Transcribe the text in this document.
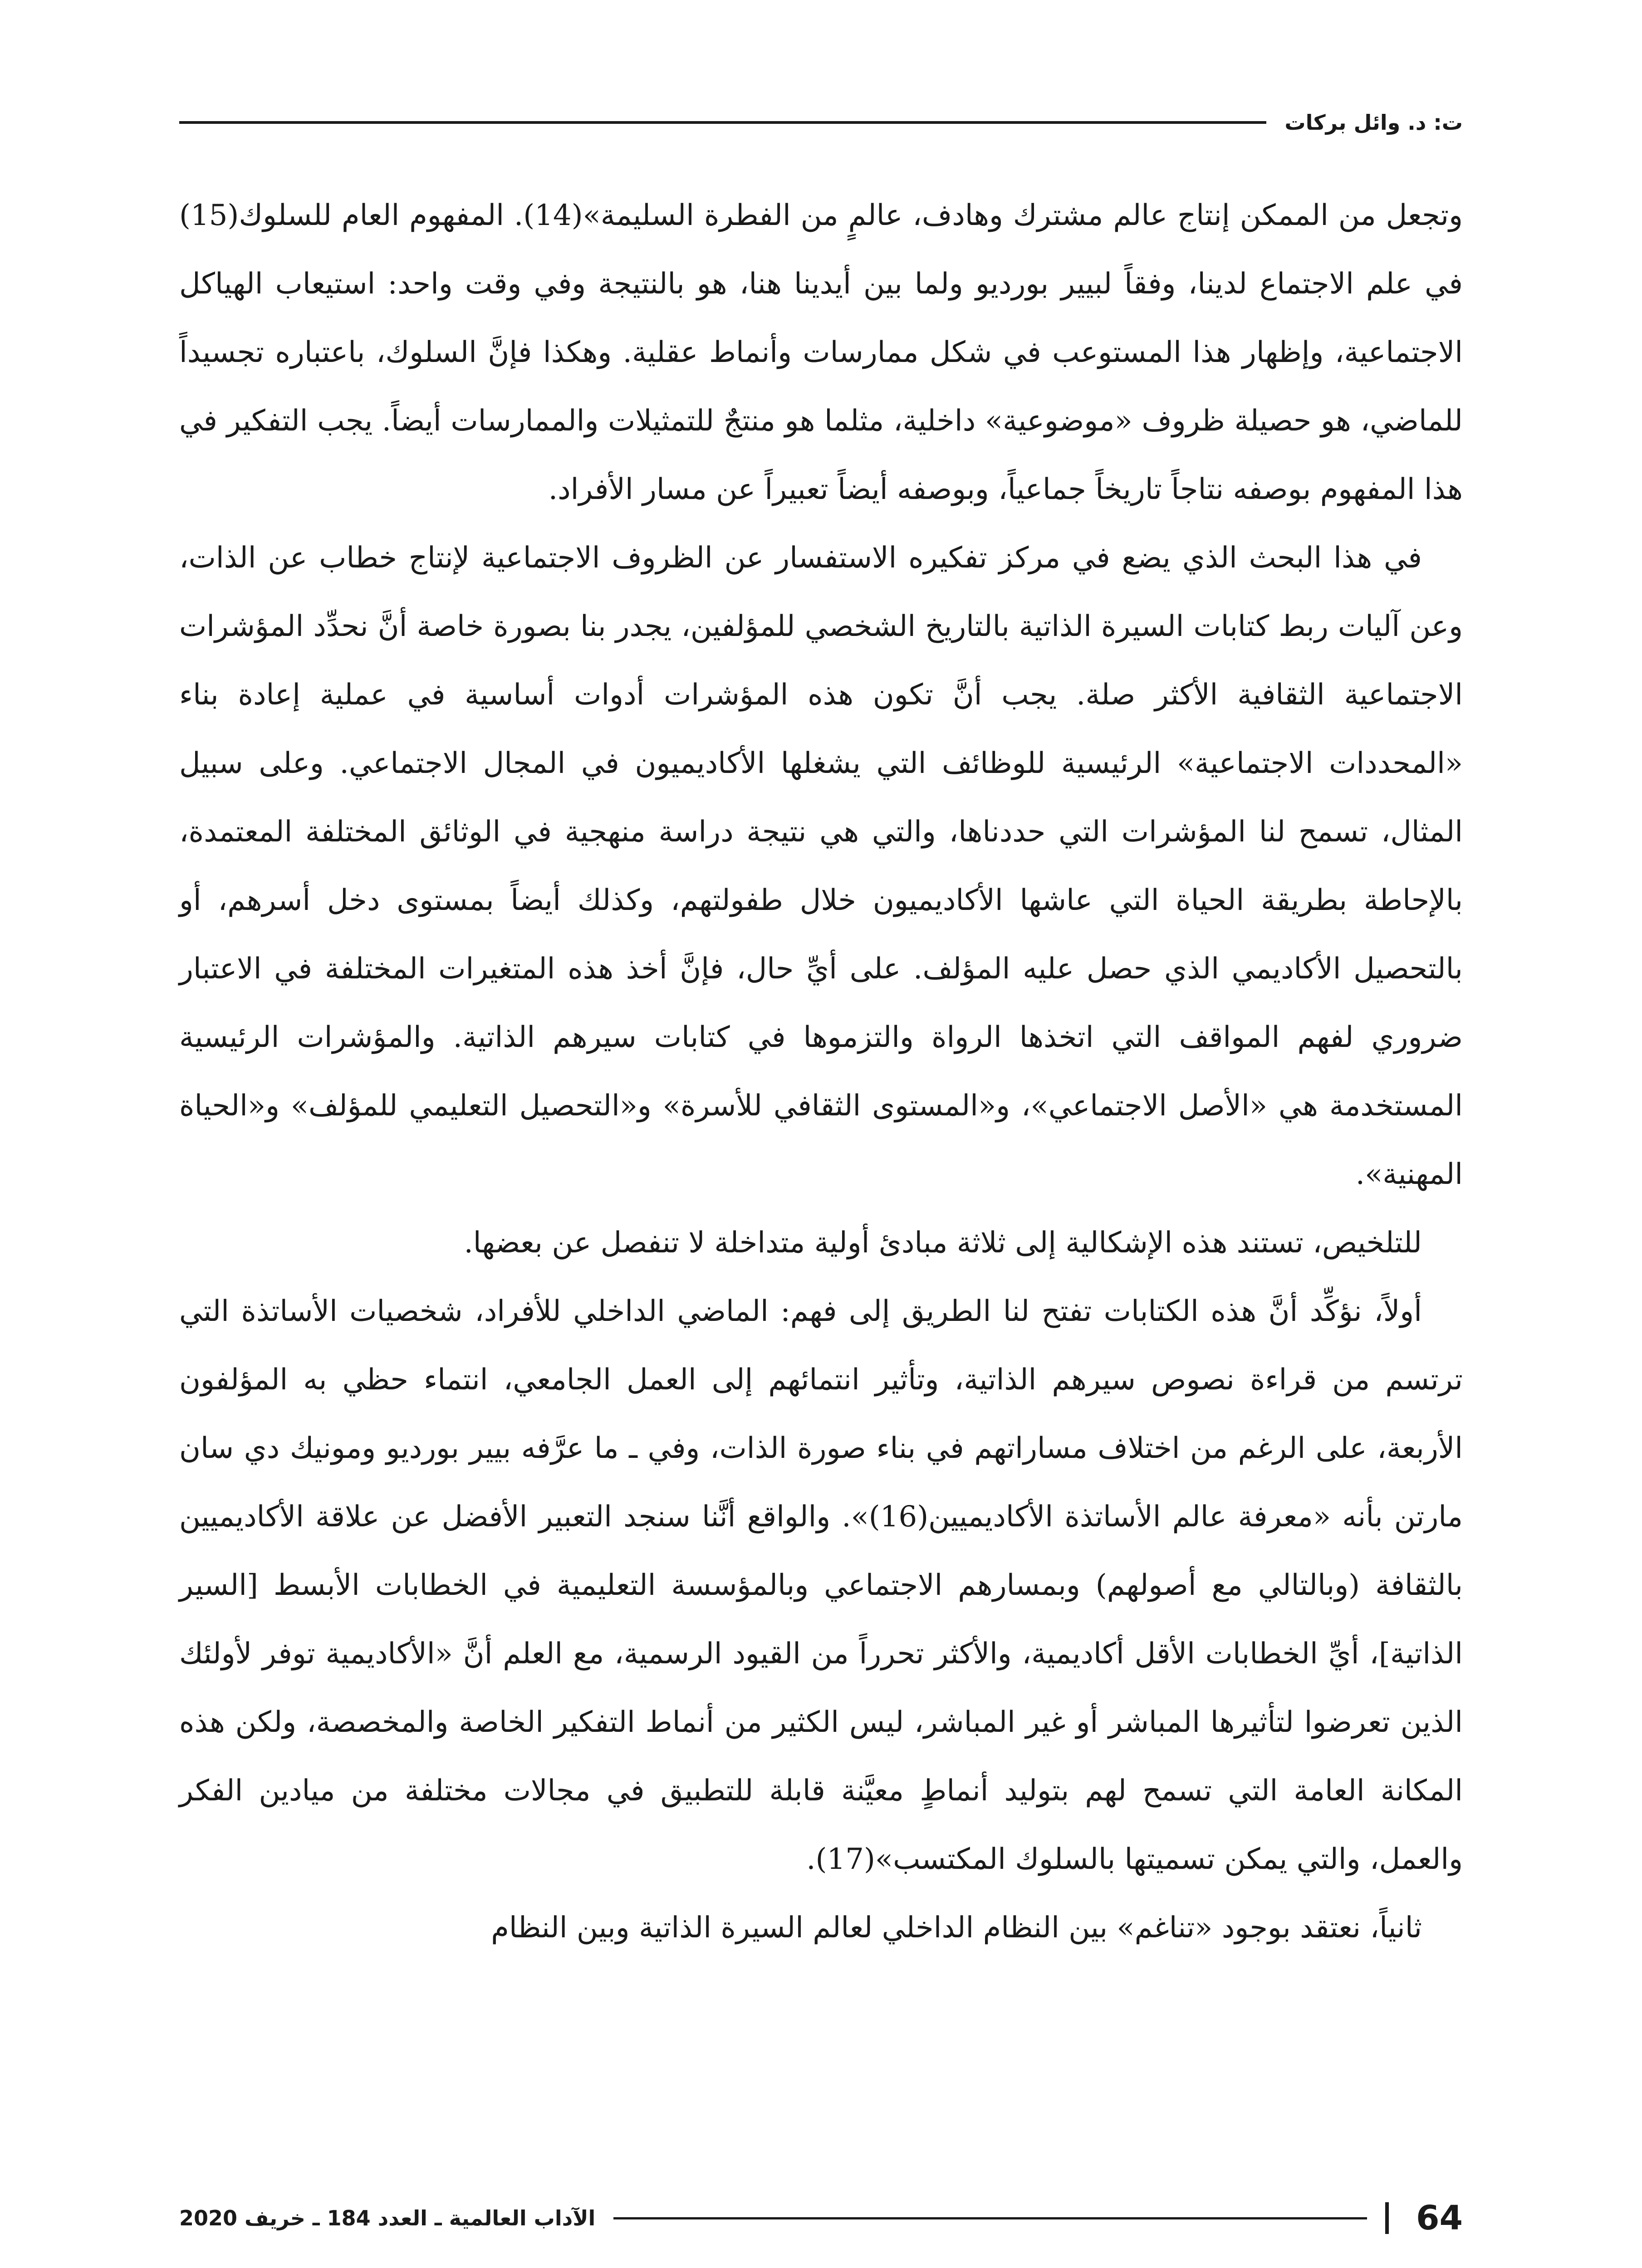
ت: د. وائل بركات

وتجعل من الممكن إنتاج عالم مشترك وهادف، عالمٍ من الفطرة السليمة»(14). المفهوم العام للسلوك(15) في علم الاجتماع لدينا، وفقاً لبيير بورديو ولما بين أيدينا هنا، هو بالنتيجة وفي وقت واحد: استيعاب الهياكل الاجتماعية، وإظهار هذا المستوعب في شكل ممارسات وأنماط عقلية. وهكذا فإنَّ السلوك، باعتباره تجسيداً للماضي، هو حصيلة ظروف «موضوعية» داخلية، مثلما هو منتجٌ للتمثيلات والممارسات أيضاً. يجب التفكير في هذا المفهوم بوصفه نتاجاً تاريخاً جماعياً، وبوصفه أيضاً تعبيراً عن مسار الأفراد.

في هذا البحث الذي يضع في مركز تفكيره الاستفسار عن الظروف الاجتماعية لإنتاج خطاب عن الذات، وعن آليات ربط كتابات السيرة الذاتية بالتاريخ الشخصي للمؤلفين، يجدر بنا بصورة خاصة أنَّ نحدِّد المؤشرات الاجتماعية الثقافية الأكثر صلة. يجب أنَّ تكون هذه المؤشرات أدوات أساسية في عملية إعادة بناء «المحددات الاجتماعية» الرئيسية للوظائف التي يشغلها الأكاديميون في المجال الاجتماعي. وعلى سبيل المثال، تسمح لنا المؤشرات التي حددناها، والتي هي نتيجة دراسة منهجية في الوثائق المختلفة المعتمدة، بالإحاطة بطريقة الحياة التي عاشها الأكاديميون خلال طفولتهم، وكذلك أيضاً بمستوى دخل أسرهم، أو بالتحصيل الأكاديمي الذي حصل عليه المؤلف. على أيِّ حال، فإنَّ أخذ هذه المتغيرات المختلفة في الاعتبار ضروري لفهم المواقف التي اتخذها الرواة والتزموها في كتابات سيرهم الذاتية. والمؤشرات الرئيسية المستخدمة هي «الأصل الاجتماعي»، و«المستوى الثقافي للأسرة» و«التحصيل التعليمي للمؤلف» و«الحياة المهنية».

للتلخيص، تستند هذه الإشكالية إلى ثلاثة مبادئ أولية متداخلة لا تنفصل عن بعضها.

أولاً، نؤكِّد أنَّ هذه الكتابات تفتح لنا الطريق إلى فهم: الماضي الداخلي للأفراد، شخصيات الأساتذة التي ترتسم من قراءة نصوص سيرهم الذاتية، وتأثير انتمائهم إلى العمل الجامعي، انتماء حظي به المؤلفون الأربعة، على الرغم من اختلاف مساراتهم في بناء صورة الذات، وفي ـ ما عرَّفه بيير بورديو ومونيك دي سان مارتن بأنه «معرفة عالم الأساتذة الأكاديميين(16)». والواقع أنَّنا سنجد التعبير الأفضل عن علاقة الأكاديميين بالثقافة (وبالتالي مع أصولهم) وبمسارهم الاجتماعي وبالمؤسسة التعليمية في الخطابات الأبسط [السير الذاتية]، أيِّ الخطابات الأقل أكاديمية، والأكثر تحرراً من القيود الرسمية، مع العلم أنَّ «الأكاديمية توفر لأولئك الذين تعرضوا لتأثيرها المباشر أو غير المباشر، ليس الكثير من أنماط التفكير الخاصة والمخصصة، ولكن هذه المكانة العامة التي تسمح لهم بتوليد أنماطٍ معيَّنة قابلة للتطبيق في مجالات مختلفة من ميادين الفكر والعمل، والتي يمكن تسميتها بالسلوك المكتسب»(17).

ثانياً، نعتقد بوجود «تناغم» بين النظام الداخلي لعالم السيرة الذاتية وبين النظام

64
الآداب العالمية ـ العدد 184 ـ خريف 2020
